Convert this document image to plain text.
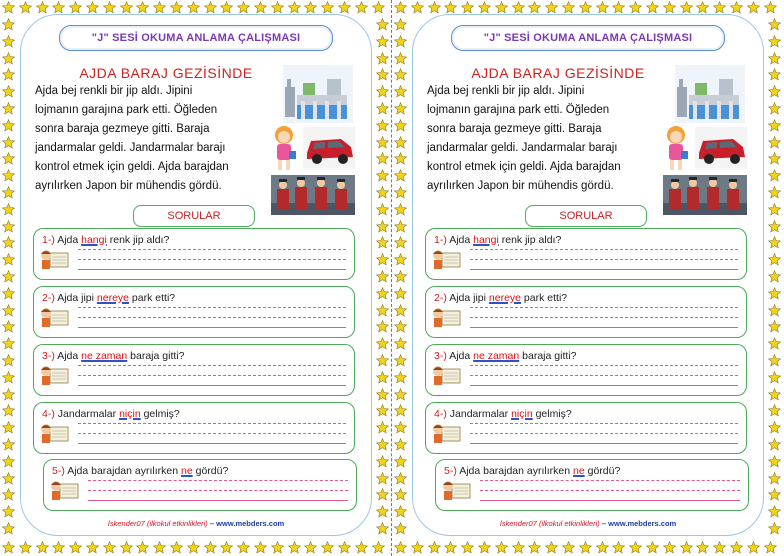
"J" SESİ OKUMA ANLAMA ÇALIŞMASI
AJDA BARAJ GEZİSİNDE
Ajda bej renkli bir jip aldı. Jipini
lojmanın garajına park etti. Öğleden
sonra baraja gezmeye gitti. Baraja
jandarmalar geldi. Jandarmalar barajı
kontrol etmek için geldi. Ajda barajdan
ayrılırken Japon bir mühendis gördü.
SORULAR
1-) Ajda hangi renk jip aldı?
2-) Ajda jipi nereye park etti?
3-) Ajda ne zaman baraja gitti?
4-) Jandarmalar niçin gelmiş?
5-) Ajda barajdan ayrılırken ne gördü?
İskender07 (ilkokul etkinlikleri) – www.mebders.com
"J" SESİ OKUMA ANLAMA ÇALIŞMASI
AJDA BARAJ GEZİSİNDE
Ajda bej renkli bir jip aldı. Jipini
lojmanın garajına park etti. Öğleden
sonra baraja gezmeye gitti. Baraja
jandarmalar geldi. Jandarmalar barajı
kontrol etmek için geldi. Ajda barajdan
ayrılırken Japon bir mühendis gördü.
SORULAR
1-) Ajda hangi renk jip aldı?
2-) Ajda jipi nereye park etti?
3-) Ajda ne zaman baraja gitti?
4-) Jandarmalar niçin gelmiş?
5-) Ajda barajdan ayrılırken ne gördü?
İskender07 (ilkokul etkinlikleri) – www.mebders.com
